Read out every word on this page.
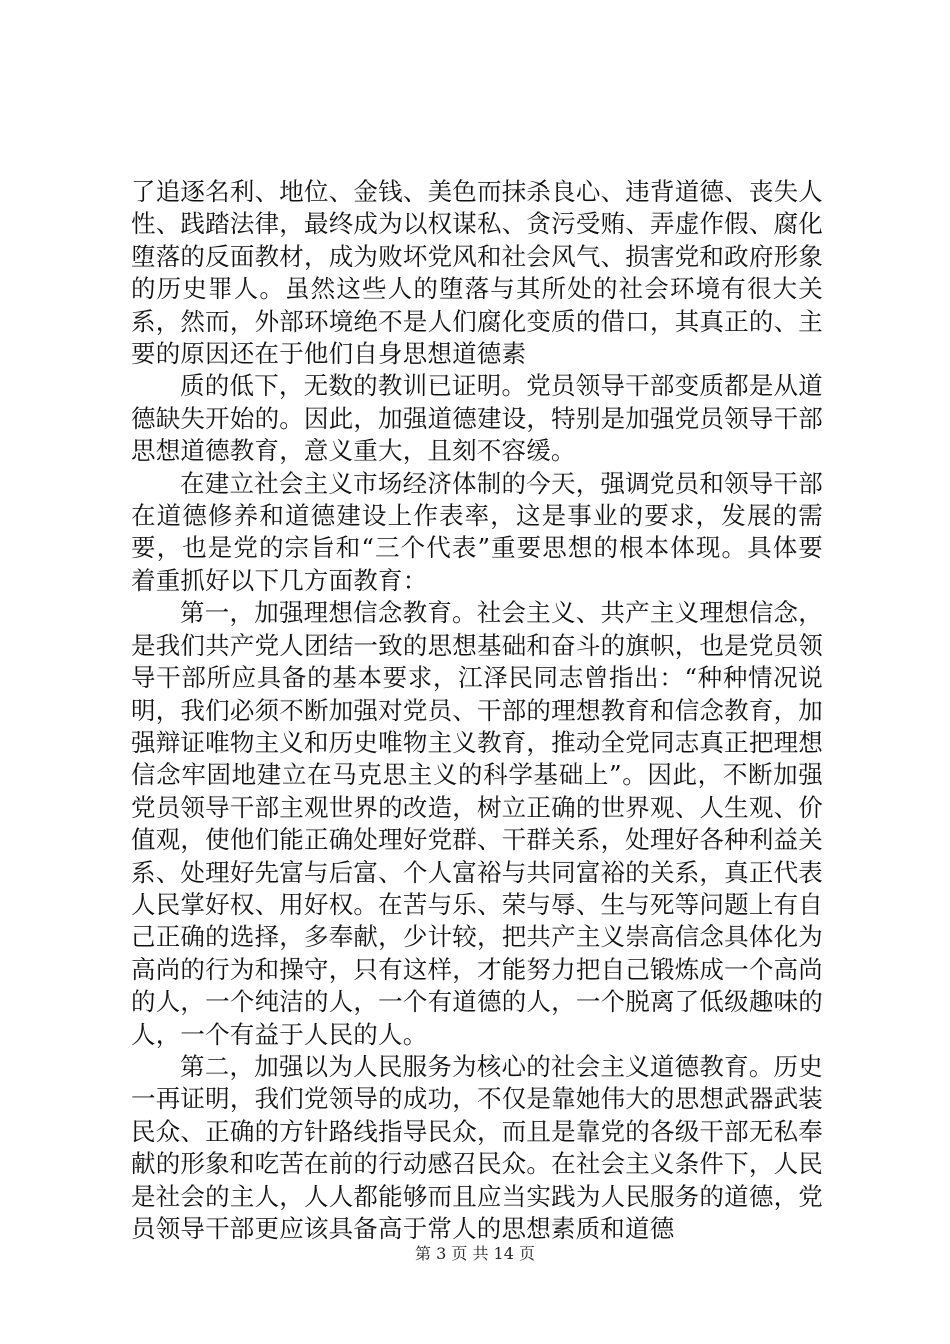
了追逐名利、地位、金钱、美色而抹杀良心、违背道德、丧失人性、践踏法律，最终成为以权谋私、贪污受贿、弄虚作假、腐化堕落的反面教材，成为败坏党风和社会风气、损害党和政府形象的历史罪人。虽然这些人的堕落与其所处的社会环境有很大关系，然而，外部环境绝不是人们腐化变质的借口，其真正的、主要的原因还在于他们自身思想道德素

质的低下，无数的教训已证明。党员领导干部变质都是从道德缺失开始的。因此，加强道德建设，特别是加强党员领导干部思想道德教育，意义重大，且刻不容缓。

在建立社会主义市场经济体制的今天，强调党员和领导干部在道德修养和道德建设上作表率，这是事业的要求，发展的需要，也是党的宗旨和“三个代表”重要思想的根本体现。具体要着重抓好以下几方面教育：

第一，加强理想信念教育。社会主义、共产主义理想信念，是我们共产党人团结一致的思想基础和奋斗的旗帜，也是党员领导干部所应具备的基本要求，江泽民同志曾指出：“种种情况说明，我们必须不断加强对党员、干部的理想教育和信念教育，加强辩证唯物主义和历史唯物主义教育，推动全党同志真正把理想信念牢固地建立在马克思主义的科学基础上”。因此，不断加强党员领导干部主观世界的改造，树立正确的世界观、人生观、价值观，使他们能正确处理好党群、干群关系，处理好各种利益关系、处理好先富与后富、个人富裕与共同富裕的关系，真正代表人民掌好权、用好权。在苦与乐、荣与辱、生与死等问题上有自己正确的选择，多奉献，少计较，把共产主义崇高信念具体化为高尚的行为和操守，只有这样，才能努力把自己锻炼成一个高尚的人，一个纯洁的人，一个有道德的人，一个脱离了低级趣味的人，一个有益于人民的人。

第二，加强以为人民服务为核心的社会主义道德教育。历史一再证明，我们党领导的成功，不仅是靠她伟大的思想武器武装民众、正确的方针路线指导民众，而且是靠党的各级干部无私奉献的形象和吃苦在前的行动感召民众。在社会主义条件下，人民是社会的主人，人人都能够而且应当实践为人民服务的道德，党员领导干部更应该具备高于常人的思想素质和道德

第 3 页 共 14 页
